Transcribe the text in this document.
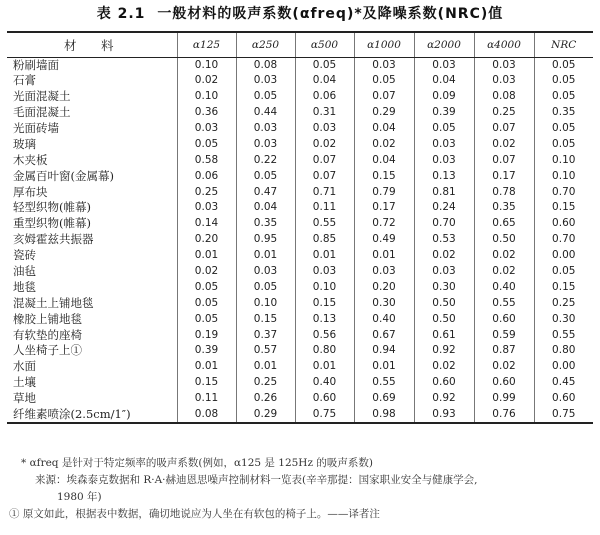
表 2.1 一般材料的吸声系数(αfreq)*及降噪系数(NRC)值
材　料	α125	α250	α500	α1000	α2000	α4000	NRC
粉刷墙面	0.10	0.08	0.05	0.03	0.03	0.03	0.05
石膏	0.02	0.03	0.04	0.05	0.04	0.03	0.05
光面混凝土	0.10	0.05	0.06	0.07	0.09	0.08	0.05
毛面混凝土	0.36	0.44	0.31	0.29	0.39	0.25	0.35
光面砖墙	0.03	0.03	0.03	0.04	0.05	0.07	0.05
玻璃	0.05	0.03	0.02	0.02	0.03	0.02	0.05
木夹板	0.58	0.22	0.07	0.04	0.03	0.07	0.10
金属百叶窗(金属幕)	0.06	0.05	0.07	0.15	0.13	0.17	0.10
厚布块	0.25	0.47	0.71	0.79	0.81	0.78	0.70
轻型织物(帷幕)	0.03	0.04	0.11	0.17	0.24	0.35	0.15
重型织物(帷幕)	0.14	0.35	0.55	0.72	0.70	0.65	0.60
亥姆霍兹共振器	0.20	0.95	0.85	0.49	0.53	0.50	0.70
瓷砖	0.01	0.01	0.01	0.01	0.02	0.02	0.00
油毡	0.02	0.03	0.03	0.03	0.03	0.02	0.05
地毯	0.05	0.05	0.10	0.20	0.30	0.40	0.15
混凝土上铺地毯	0.05	0.10	0.15	0.30	0.50	0.55	0.25
橡胶上铺地毯	0.05	0.15	0.13	0.40	0.50	0.60	0.30
有软垫的座椅	0.19	0.37	0.56	0.67	0.61	0.59	0.55
人坐椅子上①	0.39	0.57	0.80	0.94	0.92	0.87	0.80
水面	0.01	0.01	0.01	0.01	0.02	0.02	0.00
土壤	0.15	0.25	0.40	0.55	0.60	0.60	0.45
草地	0.11	0.26	0.60	0.69	0.92	0.99	0.60
纤维素喷涂(2.5cm/1″)	0.08	0.29	0.75	0.98	0.93	0.76	0.75
* αfreq 是针对于特定频率的吸声系数(例如，α125 是 125Hz 的吸声系数)
来源：埃森泰克数据和 R·A·赫迪恩思噪声控制材料一览表(辛辛那提：国家职业安全与健康学会,
1980 年)
① 原文如此，根据表中数据，确切地说应为人坐在有软包的椅子上。——译者注
